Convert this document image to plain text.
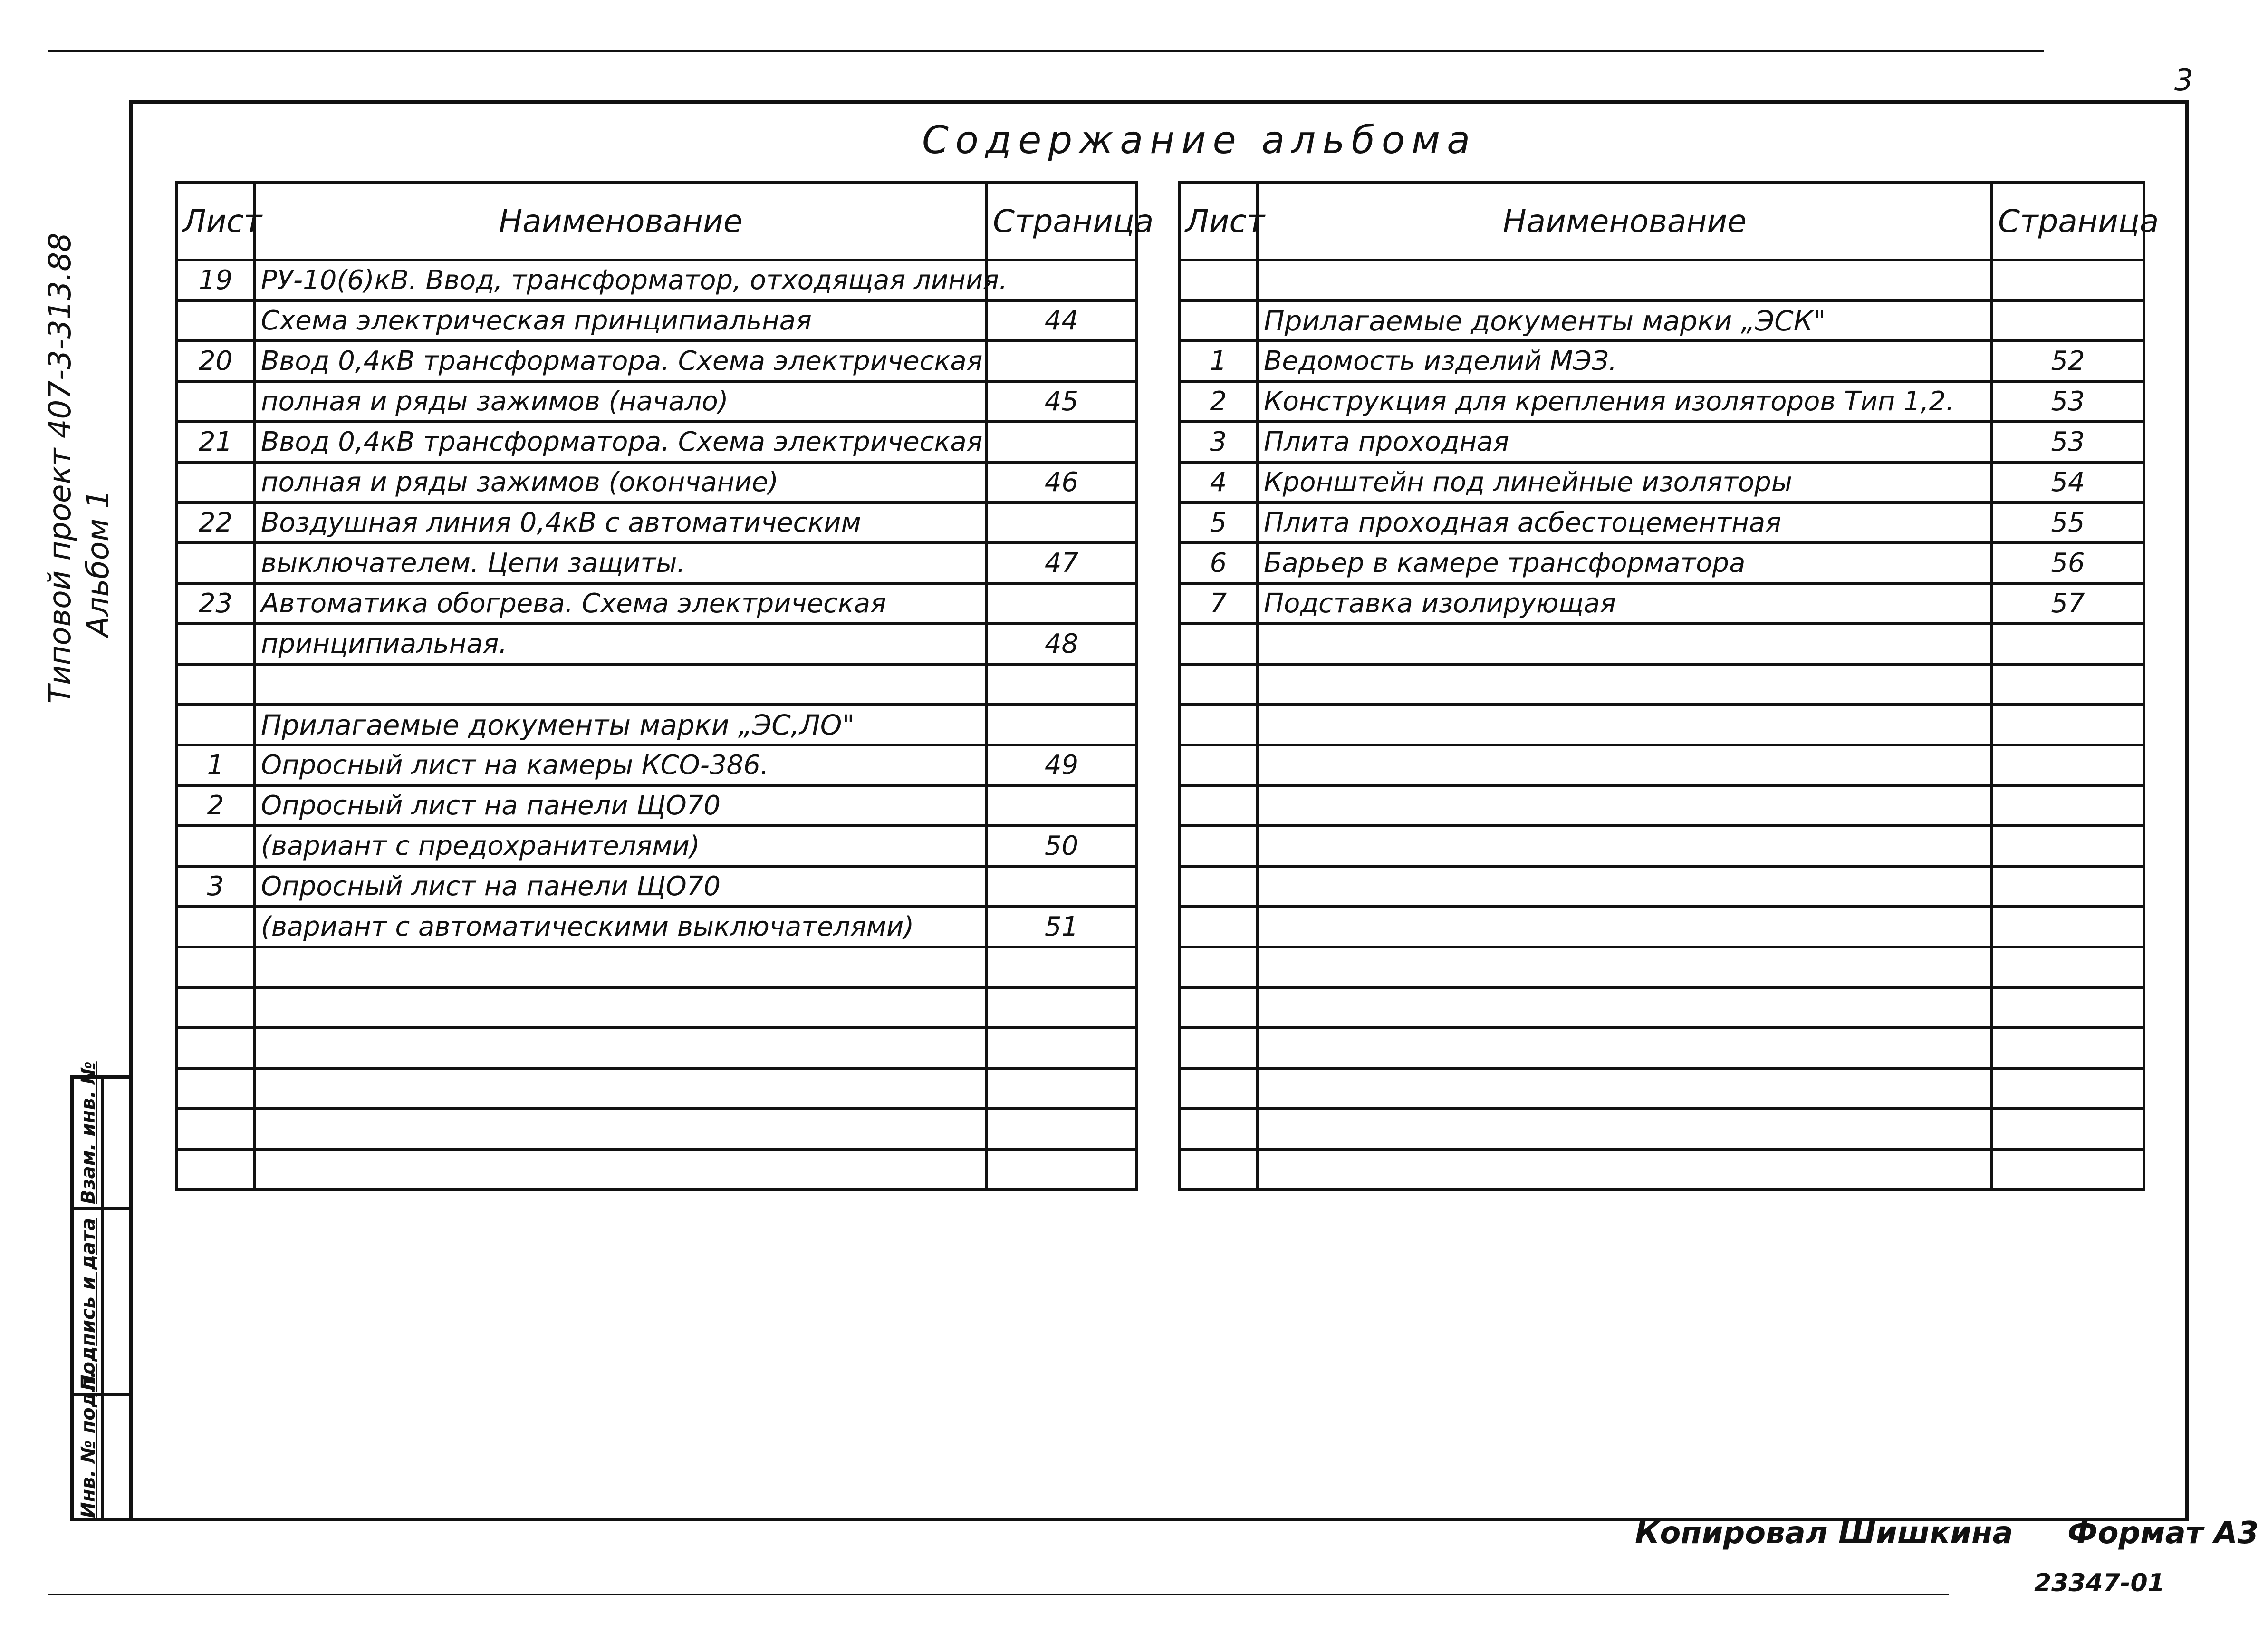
3
Содержание альбома
Типовой проект 407-3-313.88 Альбом 1
Взам. инв. №
Подпись и дата
Инв. № подл.
Лист	Наименование	Страница
19	РУ-10(6)кВ. Ввод, трансформатор, отходящая линия.	
	Схема электрическая принципиальная	44
20	Ввод 0,4кВ трансформатора. Схема электрическая	
	полная и ряды зажимов (начало)	45
21	Ввод 0,4кВ трансформатора. Схема электрическая	
	полная и ряды зажимов (окончание)	46
22	Воздушная линия 0,4кВ с автоматическим	
	выключателем. Цепи защиты.	47
23	Автоматика обогрева. Схема электрическая	
	принципиальная.	48

	Прилагаемые документы марки „ЭС,ЛО"	
1	Опросный лист на камеры КСО-386.	49
2	Опросный лист на панели ЩО70	
	(вариант с предохранителями)	50
3	Опросный лист на панели ЩО70	
	(вариант с автоматическими выключателями)	51

Лист	Наименование	Страница

	Прилагаемые документы марки „ЭСК"	
1	Ведомость изделий МЭЗ.	52
2	Конструкция для крепления изоляторов Тип 1,2.	53
3	Плита проходная	53
4	Кронштейн под линейные изоляторы	54
5	Плита проходная асбестоцементная	55
6	Барьер в камере трансформатора	56
7	Подставка изолирующая	57

Копировал Шишкина Формат А3
23347-01
